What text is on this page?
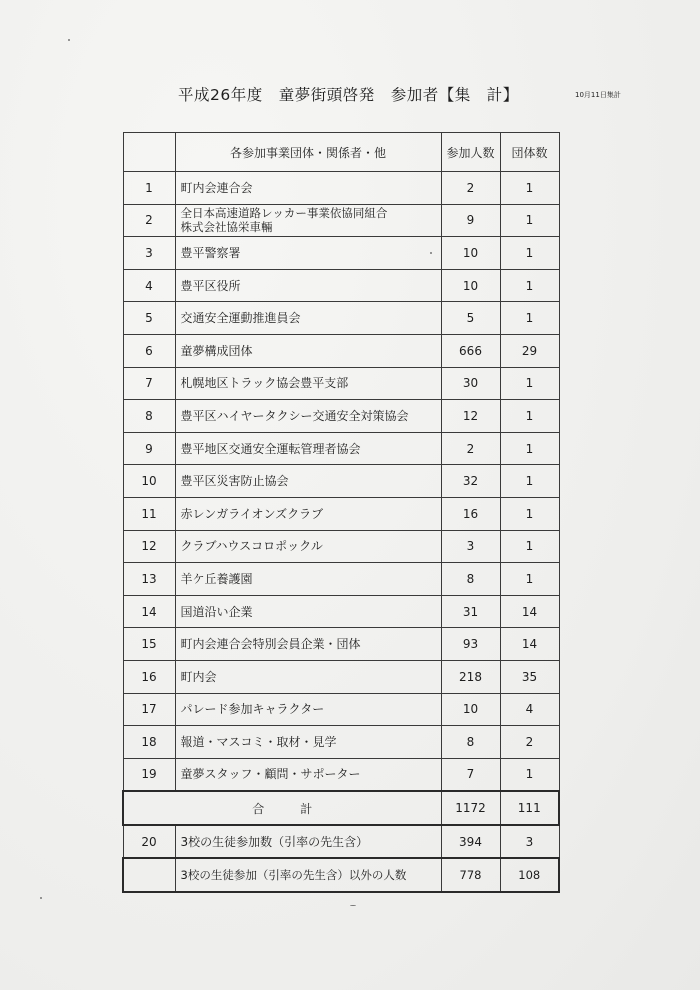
平成26年度　童夢街頭啓発　参加者【集　計】	10月11日集計
	各参加事業団体・関係者・他	参加人数	団体数
1	町内会連合会	2	1
2	全日本高速道路レッカー事業依協同組合
株式会社協栄車輛	9	1
3	豊平警察署	10	1
4	豊平区役所	10	1
5	交通安全運動推進員会	5	1
6	童夢構成団体	666	29
7	札幌地区トラック協会豊平支部	30	1
8	豊平区ハイヤータクシー交通安全対策協会	12	1
9	豊平地区交通安全運転管理者協会	2	1
10	豊平区災害防止協会	32	1
11	赤レンガライオンズクラブ	16	1
12	クラブハウスコロポックル	3	1
13	羊ケ丘養護園	8	1
14	国道沿い企業	31	14
15	町内会連合会特別会員企業・団体	93	14
16	町内会	218	35
17	パレード参加キャラクター	10	4
18	報道・マスコミ・取材・見学	8	2
19	童夢スタッフ・顧問・サポーター	7	1
合計		1172	111
20	3校の生徒参加数（引率の先生含）	394	3
	3校の生徒参加（引率の先生含）以外の人数	778	108
